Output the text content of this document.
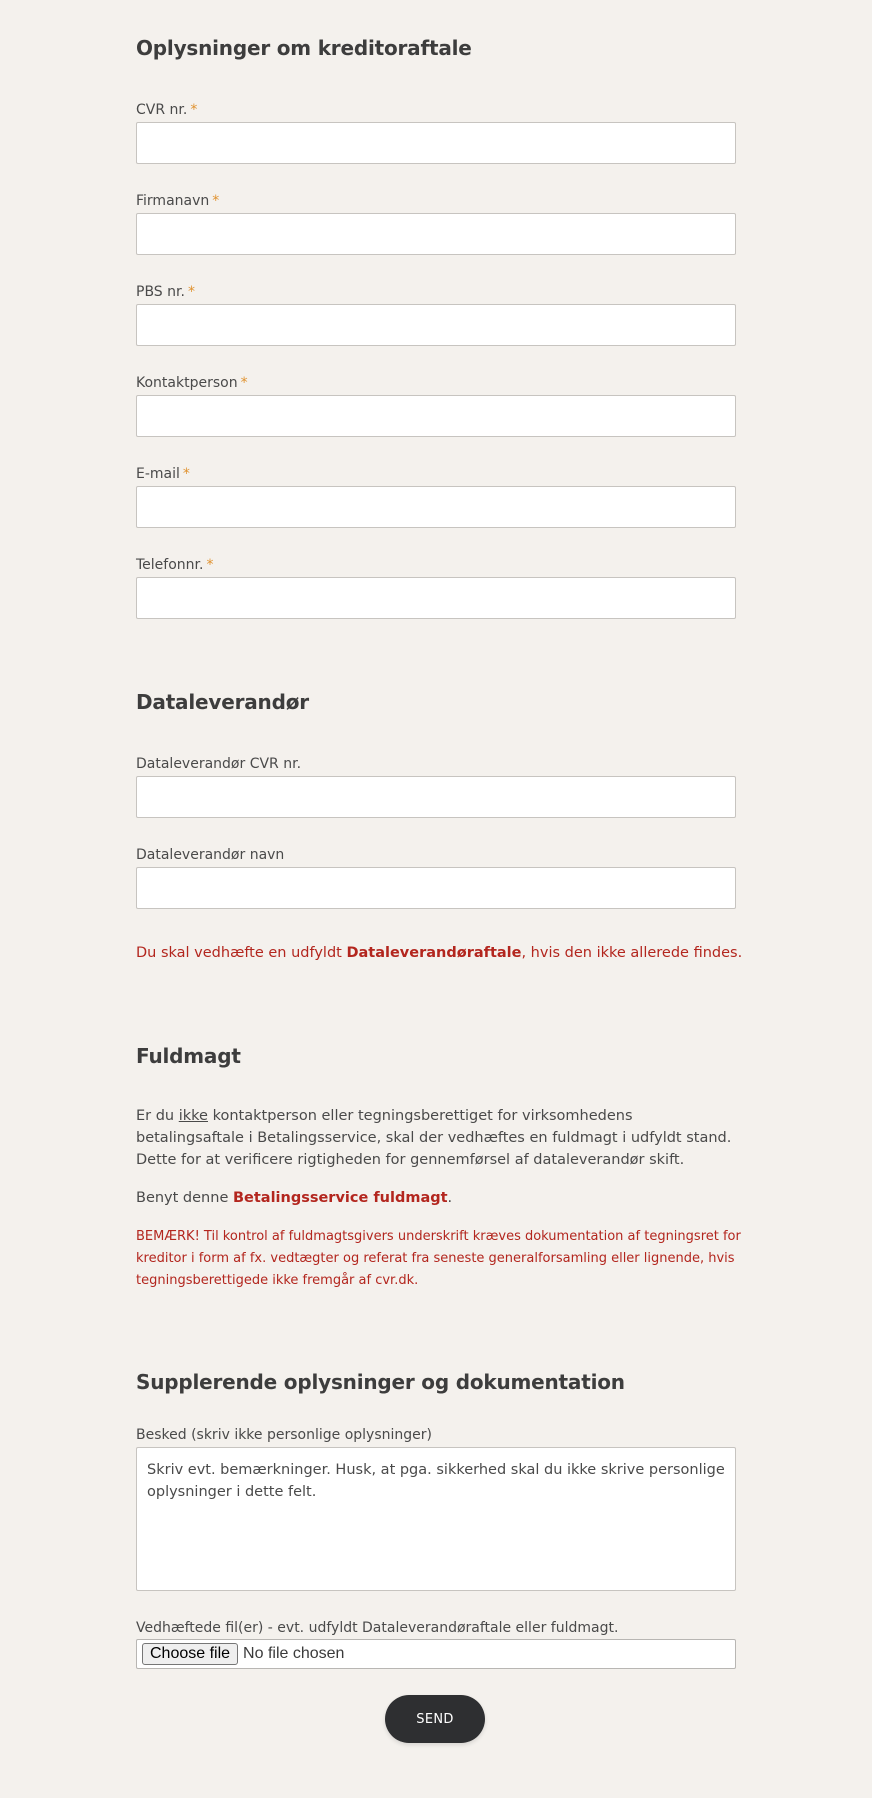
Oplysninger om kreditoraftale
CVR nr. *
Firmanavn *
PBS nr. *
Kontaktperson *
E-mail *
Telefonnr. *
Dataleverandør
Dataleverandør CVR nr.
Dataleverandør navn
Du skal vedhæfte en udfyldt Dataleverandøraftale, hvis den ikke allerede findes.
Fuldmagt
Er du ikke kontaktperson eller tegningsberettiget for virksomhedens betalingsaftale i Betalingsservice, skal der vedhæftes en fuldmagt i udfyldt stand. Dette for at verificere rigtigheden for gennemførsel af dataleverandør skift.
Benyt denne Betalingsservice fuldmagt.
BEMÆRK! Til kontrol af fuldmagtsgivers underskrift kræves dokumentation af tegningsret for kreditor i form af fx. vedtægter og referat fra seneste generalforsamling eller lignende, hvis tegningsberettigede ikke fremgår af cvr.dk.
Supplerende oplysninger og dokumentation
Besked (skriv ikke personlige oplysninger)
Skriv evt. bemærkninger. Husk, at pga. sikkerhed skal du ikke skrive personlige
oplysninger i dette felt.
Vedhæftede fil(er) - evt. udfyldt Dataleverandøraftale eller fuldmagt.
Choose file No file chosen
SEND
